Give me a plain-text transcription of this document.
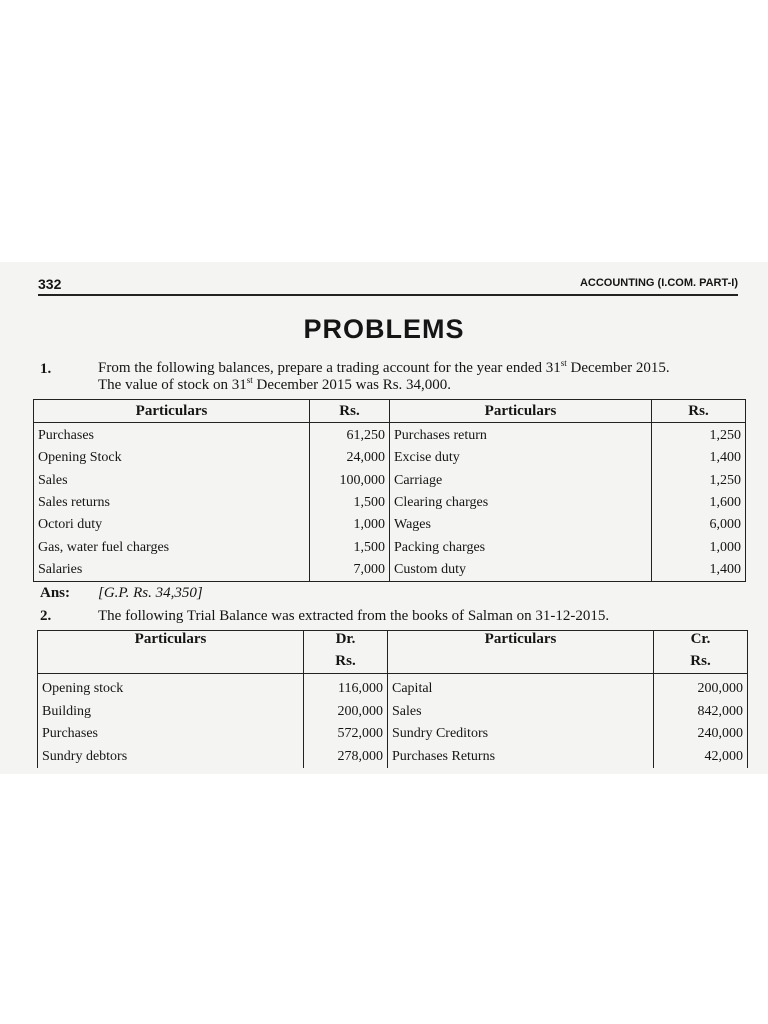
332	ACCOUNTING (I.COM. PART-I)
PROBLEMS
1.	From the following balances, prepare a trading account for the year ended 31st December 2015.
The value of stock on 31st December 2015 was Rs. 34,000.
Particulars	Rs.	Particulars	Rs.
Purchases	61,250	Purchases return	1,250
Opening Stock	24,000	Excise duty	1,400
Sales	100,000	Carriage	1,250
Sales returns	1,500	Clearing charges	1,600
Octori duty	1,000	Wages	6,000
Gas, water fuel charges	1,500	Packing charges	1,000
Salaries	7,000	Custom duty	1,400
Ans: [G.P. Rs. 34,350]
2.	The following Trial Balance was extracted from the books of Salman on 31-12-2015.
Particulars	Dr.	Particulars	Cr.
	Rs.		Rs.
Opening stock	116,000	Capital	200,000
Building	200,000	Sales	842,000
Purchases	572,000	Sundry Creditors	240,000
Sundry debtors	278,000	Purchases Returns	42,000
